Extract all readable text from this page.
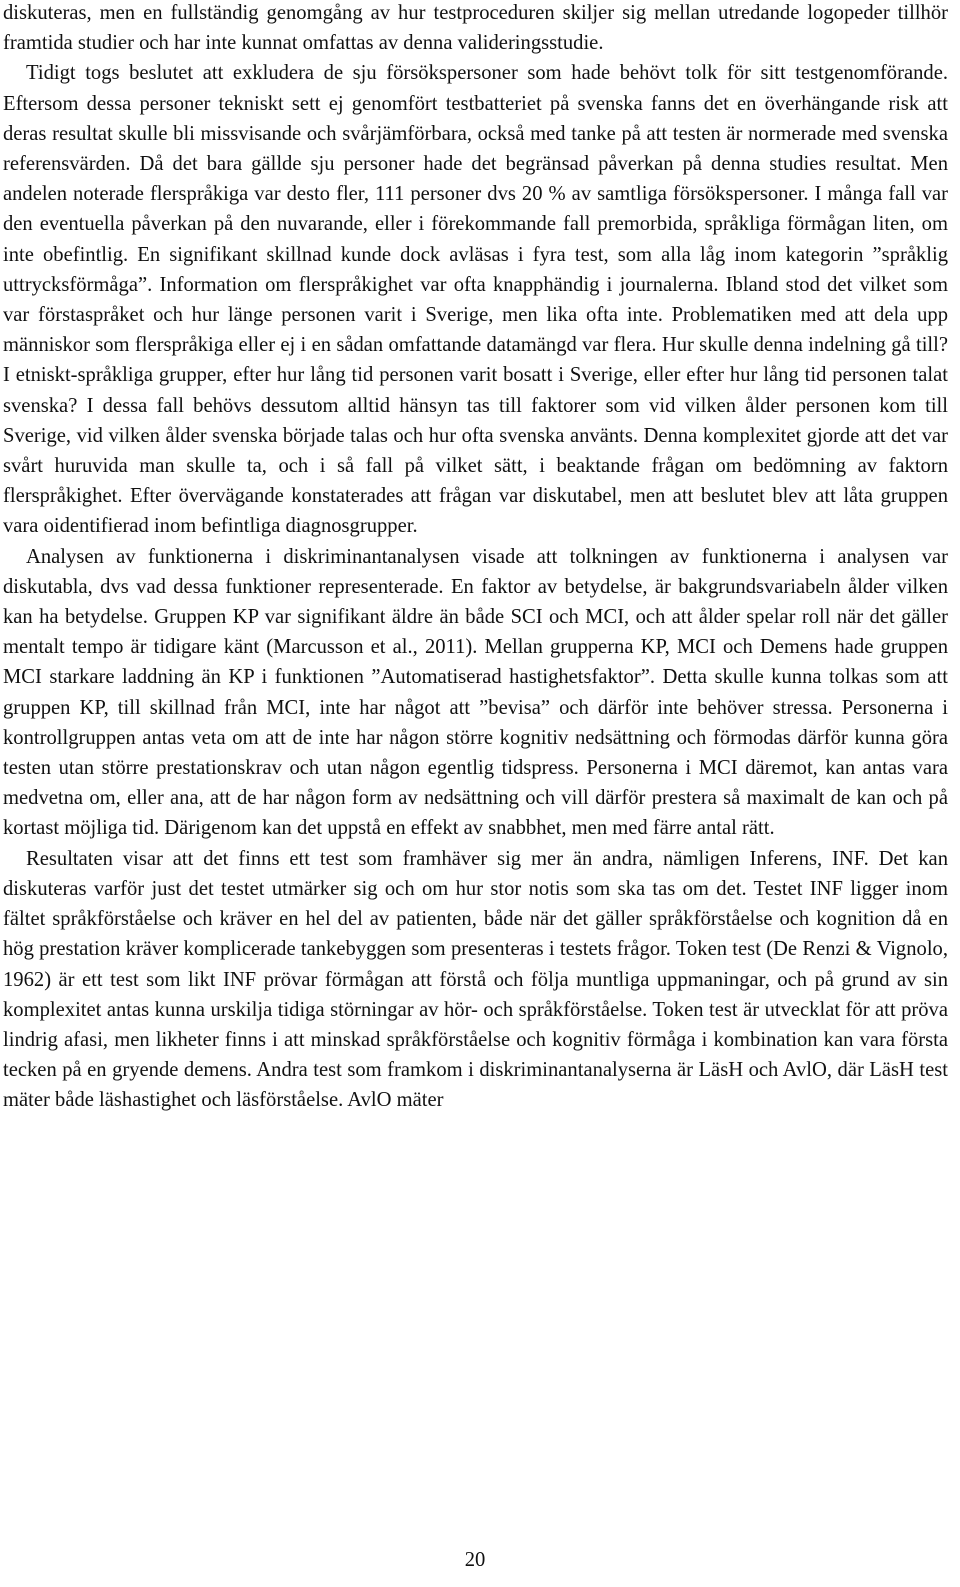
diskuteras, men en fullständig genomgång av hur testproceduren skiljer sig mellan utredande logopeder tillhör framtida studier och har inte kunnat omfattas av denna valideringsstudie.

Tidigt togs beslutet att exkludera de sju försökspersoner som hade behövt tolk för sitt testgenomförande. Eftersom dessa personer tekniskt sett ej genomfört testbatteriet på svenska fanns det en överhängande risk att deras resultat skulle bli missvisande och svårjämförbara, också med tanke på att testen är normerade med svenska referensvärden. Då det bara gällde sju personer hade det begränsad påverkan på denna studies resultat. Men andelen noterade flerspråkiga var desto fler, 111 personer dvs 20 % av samtliga försökspersoner. I många fall var den eventuella påverkan på den nuvarande, eller i förekommande fall premorbida, språkliga förmågan liten, om inte obefintlig. En signifikant skillnad kunde dock avläsas i fyra test, som alla låg inom kategorin ”språklig uttrycksförmåga”. Information om flerspråkighet var ofta knapphändig i journalerna. Ibland stod det vilket som var förstaspråket och hur länge personen varit i Sverige, men lika ofta inte. Problematiken med att dela upp människor som flerspråkiga eller ej i en sådan omfattande datamängd var flera. Hur skulle denna indelning gå till? I etniskt-språkliga grupper, efter hur lång tid personen varit bosatt i Sverige, eller efter hur lång tid personen talat svenska? I dessa fall behövs dessutom alltid hänsyn tas till faktorer som vid vilken ålder personen kom till Sverige, vid vilken ålder svenska började talas och hur ofta svenska använts. Denna komplexitet gjorde att det var svårt huruvida man skulle ta, och i så fall på vilket sätt, i beaktande frågan om bedömning av faktorn flerspråkighet. Efter övervägande konstaterades att frågan var diskutabel, men att beslutet blev att låta gruppen vara oidentifierad inom befintliga diagnosgrupper.

Analysen av funktionerna i diskriminantanalysen visade att tolkningen av funktionerna i analysen var diskutabla, dvs vad dessa funktioner representerade. En faktor av betydelse, är bakgrundsvariabeln ålder vilken kan ha betydelse. Gruppen KP var signifikant äldre än både SCI och MCI, och att ålder spelar roll när det gäller mentalt tempo är tidigare känt (Marcusson et al., 2011). Mellan grupperna KP, MCI och Demens hade gruppen MCI starkare laddning än KP i funktionen ”Automatiserad hastighetsfaktor”. Detta skulle kunna tolkas som att gruppen KP, till skillnad från MCI, inte har något att ”bevisa” och därför inte behöver stressa. Personerna i kontrollgruppen antas veta om att de inte har någon större kognitiv nedsättning och förmodas därför kunna göra testen utan större prestationskrav och utan någon egentlig tidspress. Personerna i MCI däremot, kan antas vara medvetna om, eller ana, att de har någon form av nedsättning och vill därför prestera så maximalt de kan och på kortast möjliga tid. Därigenom kan det uppstå en effekt av snabbhet, men med färre antal rätt.

Resultaten visar att det finns ett test som framhäver sig mer än andra, nämligen Inferens, INF. Det kan diskuteras varför just det testet utmärker sig och om hur stor notis som ska tas om det. Testet INF ligger inom fältet språkförståelse och kräver en hel del av patienten, både när det gäller språkförståelse och kognition då en hög prestation kräver komplicerade tankebyggen som presenteras i testets frågor. Token test (De Renzi & Vignolo, 1962) är ett test som likt INF prövar förmågan att förstå och följa muntliga uppmaningar, och på grund av sin komplexitet antas kunna urskilja tidiga störningar av hör- och språkförståelse. Token test är utvecklat för att pröva lindrig afasi, men likheter finns i att minskad språkförståelse och kognitiv förmåga i kombination kan vara första tecken på en gryende demens. Andra test som framkom i diskriminantanalyserna är LäsH och AvlO, där LäsH test mäter både läshastighet och läsförståelse. AvlO mäter

20
